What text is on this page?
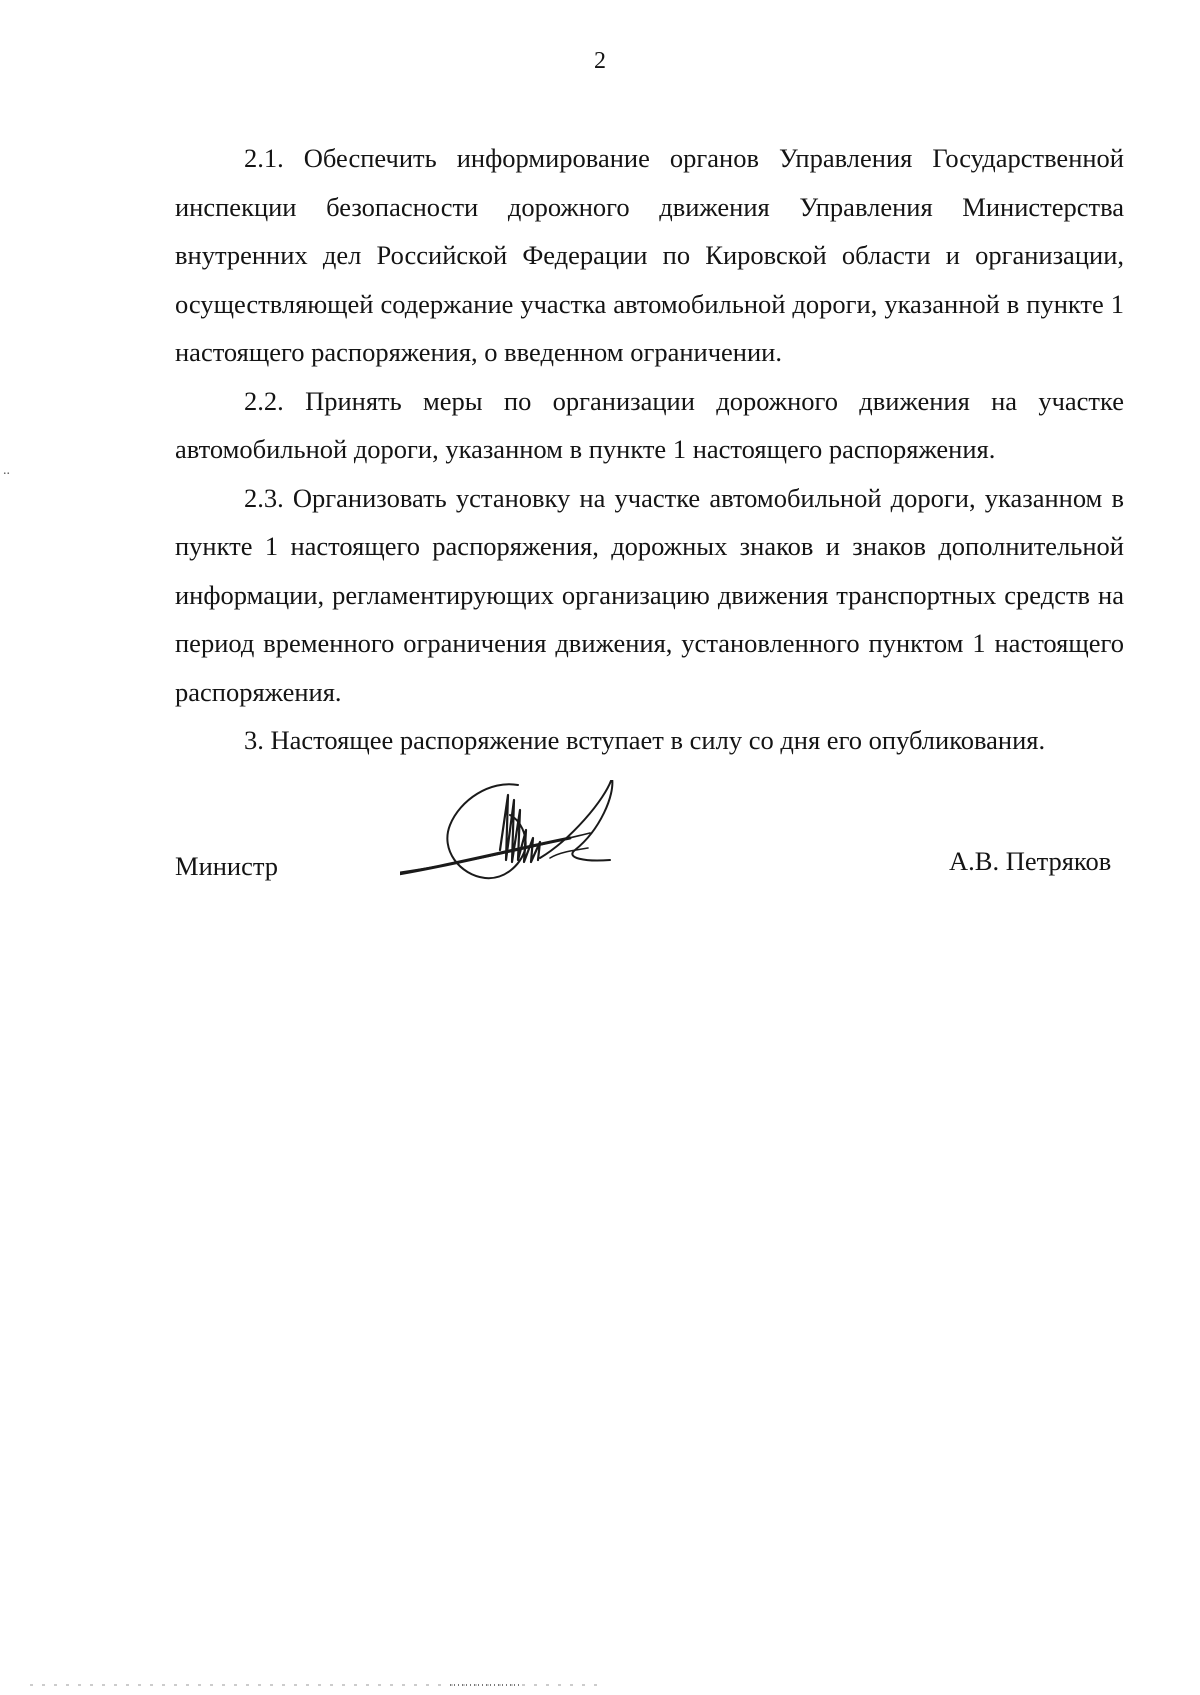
2
..

2.1. Обеспечить информирование органов Управления Государственной инспекции безопасности дорожного движения Управления Министерства внутренних дел Российской Федерации по Кировской области и организации, осуществляющей содержание участка автомобильной дороги, указанной в пункте 1 настоящего распоряжения, о введенном ограничении.

2.2. Принять меры по организации дорожного движения на участке автомобильной дороги, указанном в пункте 1 настоящего распоряжения.

2.3. Организовать установку на участке автомобильной дороги, указанном в пункте 1 настоящего распоряжения, дорожных знаков и знаков дополнительной информации, регламентирующих организацию движения транспортных средств на период временного ограничения движения, установленного пунктом 1 настоящего распоряжения.

3. Настоящее распоряжение вступает в силу со дня его опубликования.

Министр	А.В. Петряков
